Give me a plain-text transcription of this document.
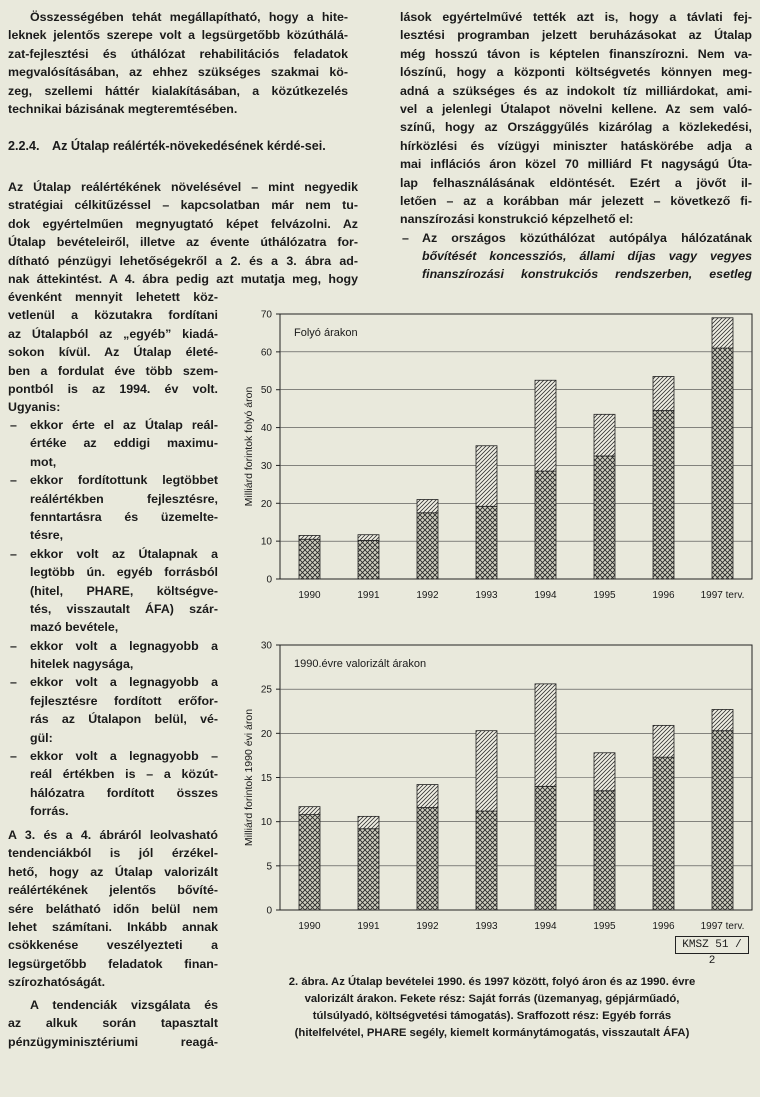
Összességében tehát megállapítható, hogy a hite-
leknek jelentős szerepe volt a legsürgetőbb közúthálá-
zat-fejlesztési és úthálózat rehabilitációs feladatok
megvalósításában, az ehhez szükséges szakmai kö-
zeg, szellemi háttér kialakításában, a közútkezelés
technikai bázisának megteremtésében.
2.2.4. Az Útalap reálérték-növekedésének kérdé-sei.
Az Útalap reálértékének növelésével – mint negyedik
stratégiai célkitűzéssel – kapcsolatban már nem tu-
dok egyértelműen megnyugtató képet felvázolni. Az
Útalap bevételeiről, illetve az évente úthálózatra for-
dítható pénzügyi lehetőségekről a 2. és a 3. ábra ad-
nak áttekintést. A 4. ábra pedig azt mutatja meg, hogy
évenként mennyit lehetett köz-
vetlenül a közutakra fordítani
az Útalapból az „egyéb” kiadá-
sokon kívül. Az Útalap életé-
ben a fordulat éve több szem-
pontból is az 1994. év volt.
Ugyanis:
– ekkor érte el az Útalap reál-
értéke az eddigi maximu-
mot,
– ekkor fordítottunk legtöbbet
reálértékben fejlesztésre,
fenntartásra és üzemelte-
tésre,
– ekkor volt az Útalapnak a
legtöbb ún. egyéb forrásból
(hitel, PHARE, költségve-
tés, visszautalt ÁFA) szár-
mazó bevétele,
– ekkor volt a legnagyobb a
hitelek nagysága,
– ekkor volt a legnagyobb a
fejlesztésre fordított erőfor-
rás az Útalapon belül, vé-
gül:
– ekkor volt a legnagyobb –
reál értékben is – a közút-
hálózatra fordított összes
forrás.
A 3. és a 4. ábráról leolvasható
tendenciákból is jól érzékel-
hető, hogy az Útalap valorizált
reálértékének jelentős bővíté-
sére belátható időn belül nem
lehet számítani. Inkább annak
csökkenése veszélyezteti a
legsürgetőbb feladatok finan-
szírozhatóságát.
A tendenciák vizsgálata és
az alkuk során tapasztalt
pénzügyminisztériumi reagá-
lások egyértelművé tették azt is, hogy a távlati fej-
lesztési programban jelzett beruházásokat az Útalap
még hosszú távon is képtelen finanszírozni. Nem va-
lószínű, hogy a központi költségvetés könnyen meg-
adná a szükséges és az indokolt tíz milliárdokat, ami-
vel a jelenlegi Útalapot növelni kellene. Az sem való-
színű, hogy az Országgyűlés kizárólag a közlekedési,
hírközlési és vízügyi miniszter hatáskörébe adja a
mai inflációs áron közel 70 milliárd Ft nagyságú Úta-
lap felhasználásának eldöntését. Ezért a jövőt il-
letően – az a korábban már jelezett – következő fi-
nanszírozási konstrukció képzelhető el:
– Az országos közúthálózat autópálya hálózatának
bővítését koncessziós, állami díjas vagy vegyes
finanszírozási konstrukciós rendszerben, esetleg
0
10
20
30
40
50
60
70
Milliárd forintok folyó áron
Folyó árakon
1990	1991	1992	1993	1994	1995	1996	1997 terv.
0
5
10
15
20
25
30
Milliárd forintok 1990 évi áron
1990.évre valorizált árakon
1990	1991	1992	1993	1994	1995	1996	1997 terv.
KMSZ 51 / 2
2. ábra. Az Útalap bevételei 1990. és 1997 között, folyó áron és az 1990. évre
valorizált árakon. Fekete rész: Saját forrás (üzemanyag, gépjárműadó,
túlsúlyadó, költségvetési támogatás). Sraffozott rész: Egyéb forrás
(hitelfelvétel, PHARE segély, kiemelt kormánytámogatás, visszautalt ÁFA)
